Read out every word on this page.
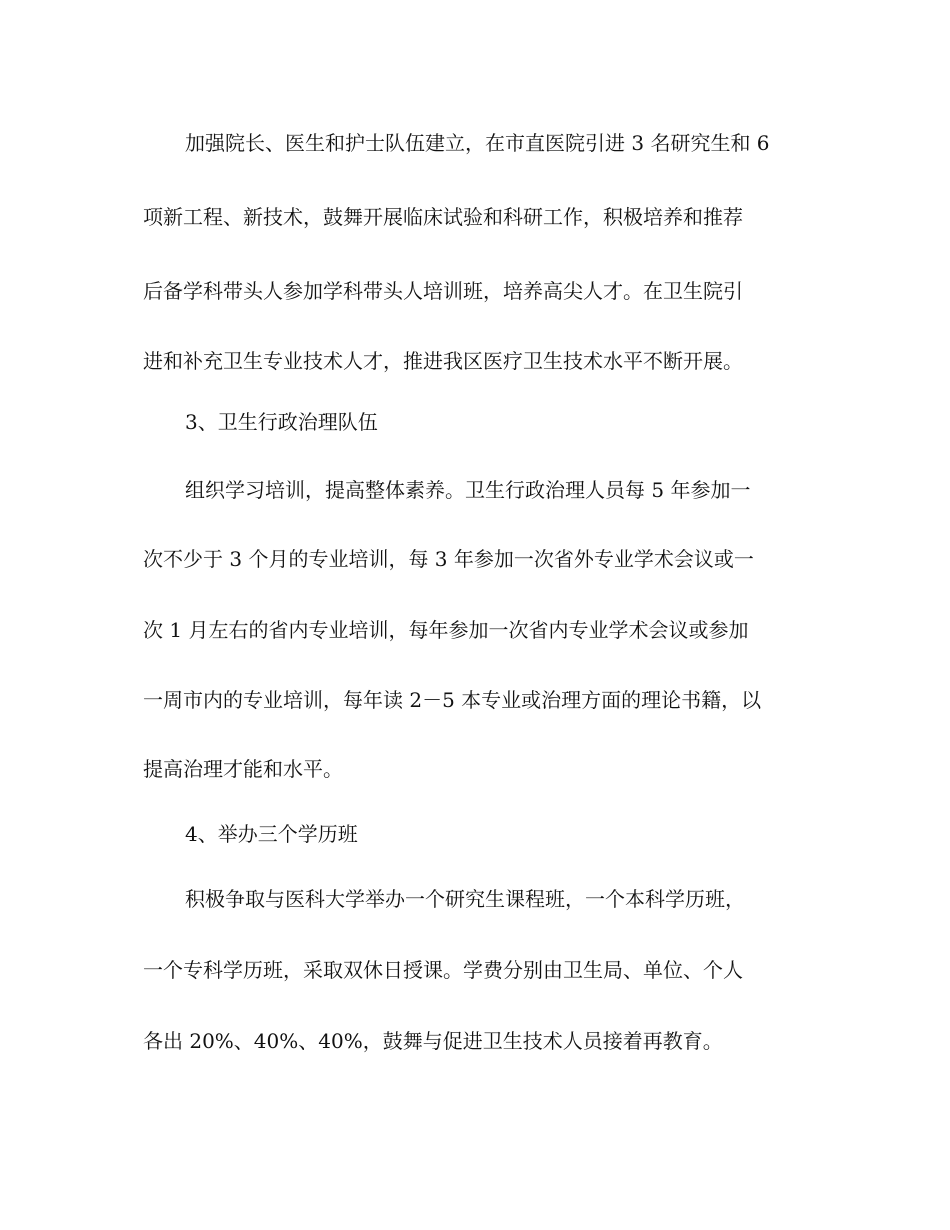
加强院长、医生和护士队伍建立，在市直医院引进 3 名研究生和 6

项新工程、新技术，鼓舞开展临床试验和科研工作，积极培养和推荐

后备学科带头人参加学科带头人培训班，培养高尖人才。在卫生院引

进和补充卫生专业技术人才，推进我区医疗卫生技术水平不断开展。

3、卫生行政治理队伍

组织学习培训，提高整体素养。卫生行政治理人员每 5 年参加一

次不少于 3 个月的专业培训，每 3 年参加一次省外专业学术会议或一

次 1 月左右的省内专业培训，每年参加一次省内专业学术会议或参加

一周市内的专业培训，每年读 2－5 本专业或治理方面的理论书籍，以

提高治理才能和水平。

4、举办三个学历班

积极争取与医科大学举办一个研究生课程班，一个本科学历班，

一个专科学历班，采取双休日授课。学费分别由卫生局、单位、个人

各出 20%、40%、40%，鼓舞与促进卫生技术人员接着再教育。
